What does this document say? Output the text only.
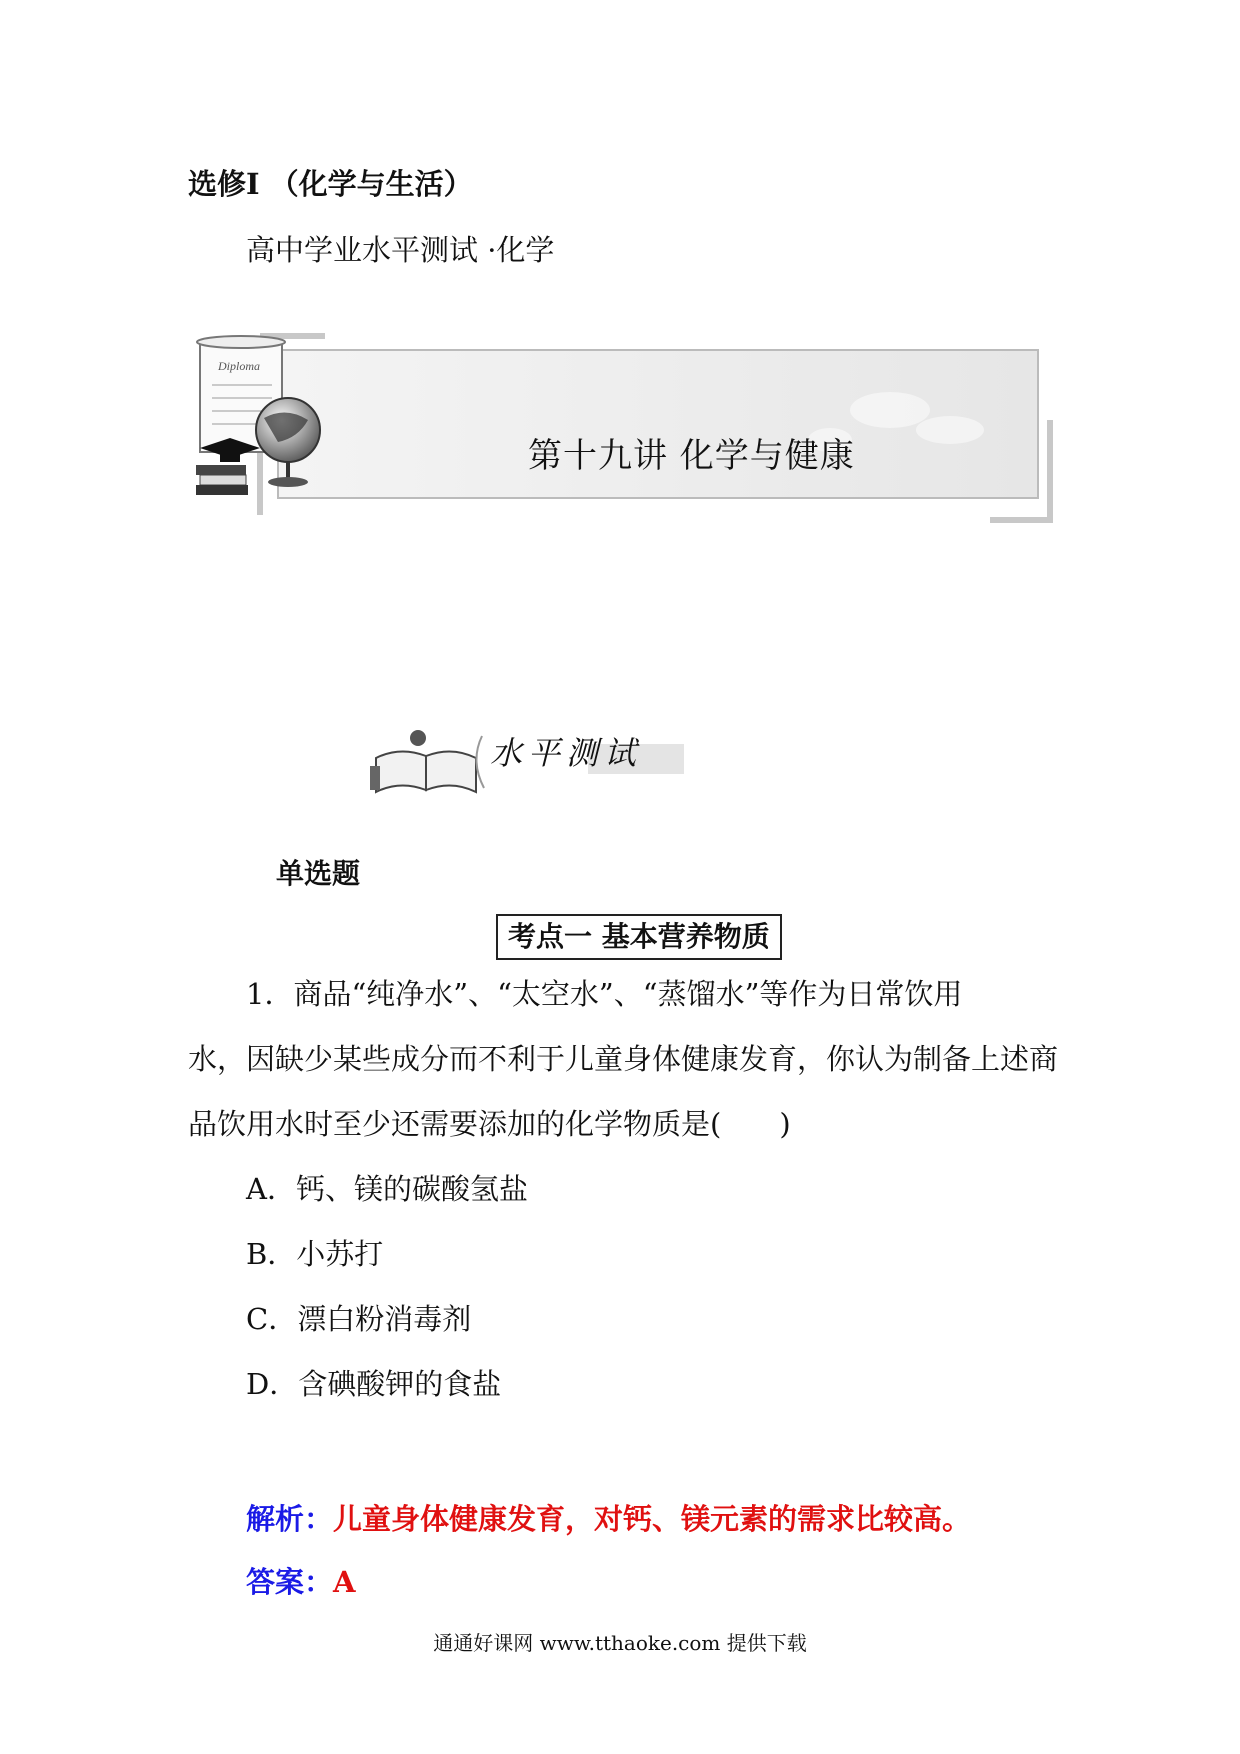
选修I （化学与生活）
高中学业水平测试 ·化学
Diploma
第十九讲 化学与健康
水平测试
单选题
考点一 基本营养物质
1．商品“纯净水”、“太空水”、“蒸馏水”等作为日常饮用
水，因缺少某些成分而不利于儿童身体健康发育，你认为制备上述商
品饮用水时至少还需要添加的化学物质是(　　)
A．钙、镁的碳酸氢盐
B．小苏打
C．漂白粉消毒剂
D．含碘酸钾的食盐
解析：儿童身体健康发育，对钙、镁元素的需求比较高。
答案：A
通通好课网 www.tthaoke.com 提供下载
